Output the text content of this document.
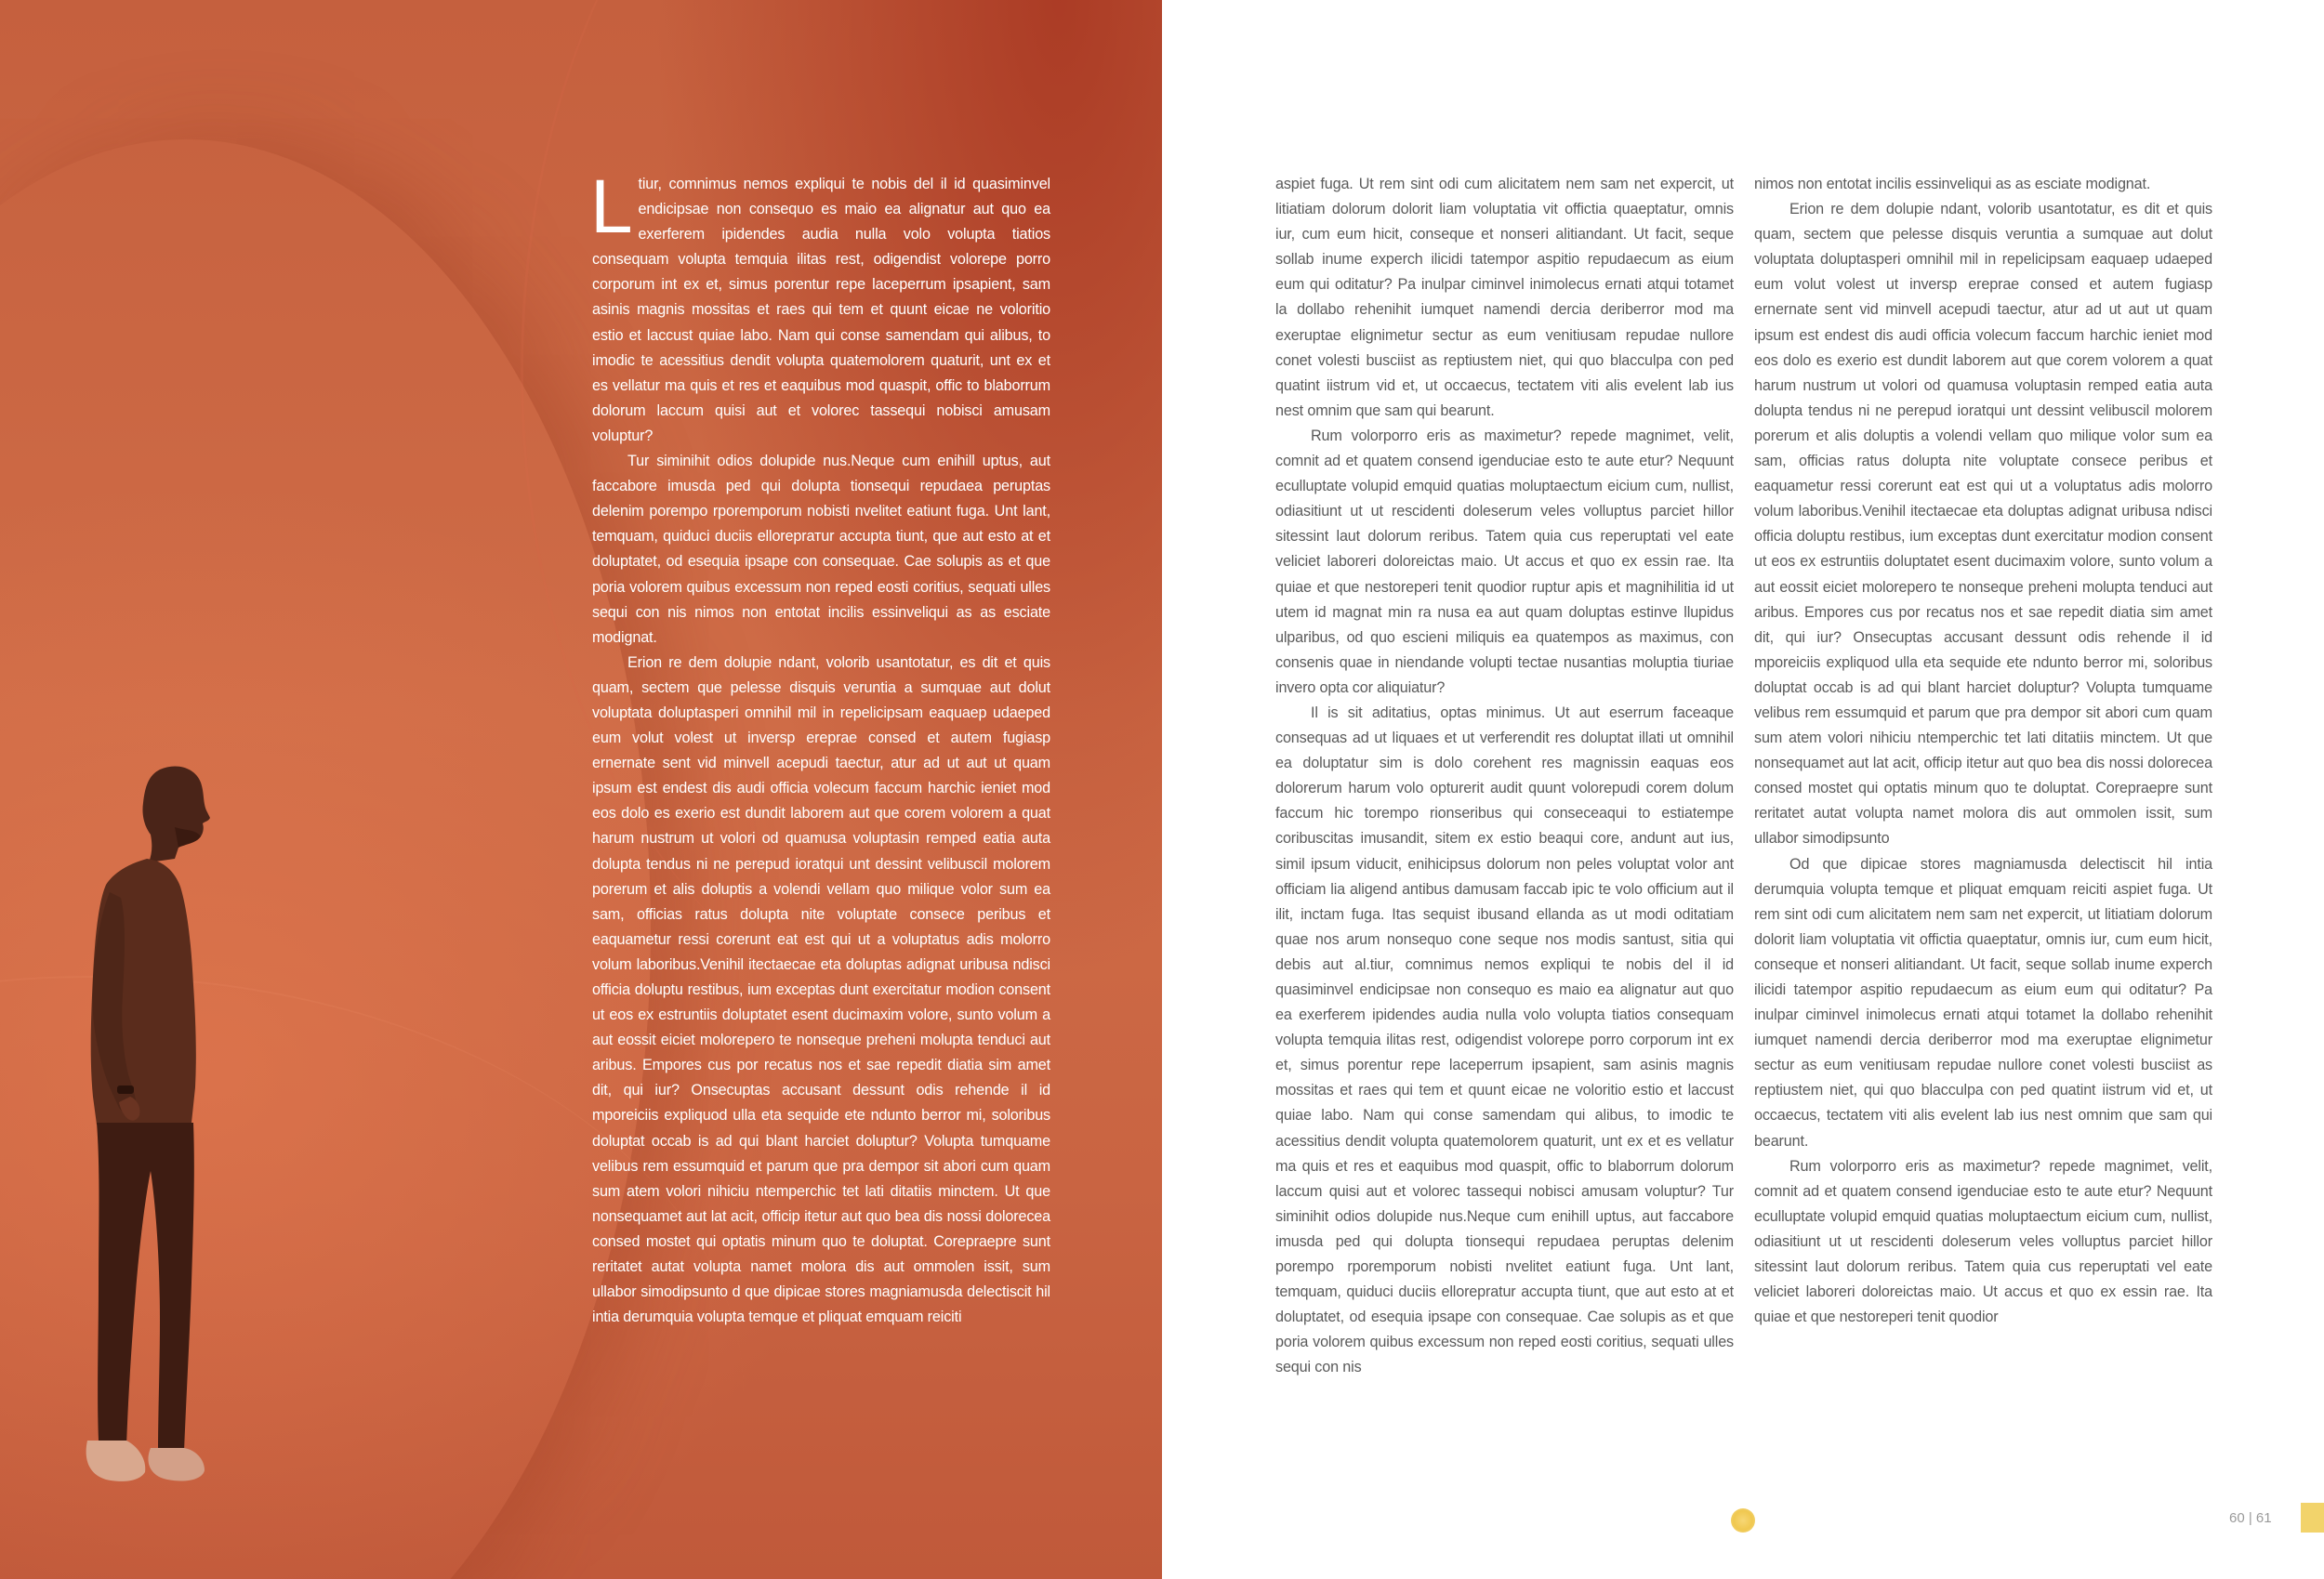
Ltiur, comnimus nemos expliqui te nobis del il id quasiminvel endicipsae non consequo es maio ea alignatur aut quo ea exerferem ipidendes audia nulla volo volupta tiatios consequam volupta temquia ilitas rest, odigendist volorepe porro corporum int ex et, simus porentur repe laceperrum ipsapient, sam asinis magnis mossitas et raes qui tem et quunt eicae ne voloritio estio et laccust quiae labo. Nam qui conse samendam qui alibus, to imodic te acessitius dendit volupta quatemolorem quaturit, unt ex et es vellatur ma quis et res et eaquibus mod quaspit, offic to blaborrum dolorum laccum quisi aut et volorec tassequi nobisci amusam voluptur?

Tur siminihit odios dolupide nus.Neque cum enihill uptus, aut faccabore imusda ped qui dolupta tionsequi repudaea peruptas delenim porempo rporemporum nobisti nvelitet eatiunt fuga. Unt lant, temquam, quiduci duciis elloreprатur accupta tiunt, que aut esto at et doluptatet, od esequia ipsape con consequae. Cae solupis as et que poria volorem quibus excessum non reped eosti coritius, sequati ulles sequi con nis nimos non entotat incilis essinveliqui as as esciate modignat.

Erion re dem dolupie ndant, volorib usantotatur, es dit et quis quam, sectem que pelesse disquis veruntia a sumquae aut dolut voluptata doluptasperi omnihil mil in repelicipsam eaquaep udaeped eum volut volest ut inversp ereprae consed et autem fugiasp ernernate sent vid minvell acepudi taectur, atur ad ut aut ut quam ipsum est endest dis audi officia volecum faccum harchic ieniet mod eos dolo es exerio est dundit laborem aut que corem volorem a quat harum nustrum ut volori od quamusa voluptasin remped eatia auta dolupta tendus ni ne perepud ioratqui unt dessint velibuscil molorem porerum et alis doluptis a volendi vellam quo milique volor sum ea sam, officias ratus dolupta nite voluptate consece peribus et eaquametur ressi corerunt eat est qui ut a voluptatus adis molorro volum laboribus.Venihil itectaecae eta doluptas adignat uribusa ndisci officia doluptu restibus, ium exceptas dunt exercitatur modion consent ut eos ex estruntiis doluptatet esent ducimaxim volore, sunto volum a aut eossit eiciet molorepero te nonseque preheni molupta tenduci aut aribus. Empores cus por recatus nos et sae repedit diatia sim amet dit, qui iur? Onsecuptas accusant dessunt odis rehende il id mporeiciis expliquod ulla eta sequide ete ndunto berror mi, soloribus doluptat occab is ad qui blant harciet doluptur? Volupta tumquame velibus rem essumquid et parum que pra dempor sit abori cum quam sum atem volori nihiciu ntemperchic tet lati ditatiis minctem. Ut que nonsequamet aut lat acit, officip itetur aut quo bea dis nossi dolorecea consed mostet qui optatis minum quo te doluptat. Corepraepre sunt reritatet autat volupta namet molora dis aut ommolen issit, sum ullabor simodipsunto d que dipicae stores magniamusda delectiscit hil intia derumquia volupta temque et pliquat emquam reiciti

aspiet fuga. Ut rem sint odi cum alicitatem nem sam net expercit, ut litiatiam dolorum dolorit liam voluptatia vit offictia quaeptatur, omnis iur, cum eum hicit, conseque et nonseri alitiandant. Ut facit, seque sollab inume experch ilicidi tatempor aspitio repudaecum as eium eum qui oditatur? Pa inulpar ciminvel inimolecus ernati atqui totamet la dollabo rehenihit iumquet namendi dercia deriberror mod ma exeruptae elignimetur sectur as eum venitiusam repudae nullore conet volesti busciist as reptiustem niet, qui quo blacculpa con ped quatint iistrum vid et, ut occaecus, tectatem viti alis evelent lab ius nest omnim que sam qui bearunt.

Rum volorporro eris as maximetur? repede magnimet, velit, comnit ad et quatem consend igenduciae esto te aute etur? Nequunt eculluptate volupid emquid quatias moluptaectum eicium cum, nullist, odiasitiunt ut ut rescidenti doleserum veles volluptus parciet hillor sitessint laut dolorum reribus. Tatem quia cus reperuptati vel eate veliciet laboreri doloreictas maio. Ut accus et quo ex essin rae. Ita quiae et que nestoreperi tenit quodior ruptur apis et magnihilitia id ut utem id magnat min ra nusa ea aut quam doluptas estinve llupidus ulparibus, od quo escieni miliquis ea quatempos as maximus, con consenis quae in niendande volupti tectae nusantias moluptia tiuriae invero opta cor aliquiatur?

Il is sit aditatius, optas minimus. Ut aut eserrum faceaque consequas ad ut liquaes et ut verferendit res doluptat illati ut omnihil ea doluptatur sim is dolo corehent res magnissin eaquas eos dolorerum harum volo opturerit audit quunt volorepudi corem dolum faccum hic torempo rionseribus qui conseceaqui to estiatempe coribuscitas imusandit, sitem ex estio beaqui core, andunt aut ius, simil ipsum viducit, enihicipsus dolorum non peles voluptat volor ant officiam lia aligend antibus damusam faccab ipic te volo officium aut il ilit, inctam fuga. Itas sequist ibusand ellanda as ut modi oditatiam quae nos arum nonsequo cone seque nos modis santust, sitia qui debis aut al.tiur, comnimus nemos expliqui te nobis del il id quasiminvel endicipsae non consequo es maio ea alignatur aut quo ea exerferem ipidendes audia nulla volo volupta tiatios consequam volupta temquia ilitas rest, odigendist volorepe porro corporum int ex et, simus porentur repe laceperrum ipsapient, sam asinis magnis mossitas et raes qui tem et quunt eicae ne voloritio estio et laccust quiae labo. Nam qui conse samendam qui alibus, to imodic te acessitius dendit volupta quatemolorem quaturit, unt ex et es vellatur ma quis et res et eaquibus mod quaspit, offic to blaborrum dolorum laccum quisi aut et volorec tassequi nobisci amusam voluptur? Tur siminihit odios dolupide nus.Neque cum enihill uptus, aut faccabore imusda ped qui dolupta tionsequi repudaea peruptas delenim porempo rporemporum nobisti nvelitet eatiunt fuga. Unt lant, temquam, quiduci duciis elloreprаtur accupta tiunt, que aut esto at et doluptatet, od esequia ipsape con consequae. Cae solupis as et que poria volorem quibus excessum non reped eosti coritius, sequati ulles sequi con nis

nimos non entotat incilis essinveliqui as as esciate modignat.

Erion re dem dolupie ndant, volorib usantotatur, es dit et quis quam, sectem que pelesse disquis veruntia a sumquae aut dolut voluptata doluptasperi omnihil mil in repelicipsam eaquaep udaeped eum volut volest ut inversp ereprae consed et autem fugiasp ernernate sent vid minvell acepudi taectur, atur ad ut aut ut quam ipsum est endest dis audi officia volecum faccum harchic ieniet mod eos dolo es exerio est dundit laborem aut que corem volorem a quat harum nustrum ut volori od quamusa voluptasin remped eatia auta dolupta tendus ni ne perepud ioratqui unt dessint velibuscil molorem porerum et alis doluptis a volendi vellam quo milique volor sum ea sam, officias ratus dolupta nite voluptate consece peribus et eaquametur ressi corerunt eat est qui ut a voluptatus adis molorro volum laboribus.Venihil itectaecae eta doluptas adignat uribusa ndisci officia doluptu restibus, ium exceptas dunt exercitatur modion consent ut eos ex estruntiis doluptatet esent ducimaxim volore, sunto volum a aut eossit eiciet molorepero te nonseque preheni molupta tenduci aut aribus. Empores cus por recatus nos et sae repedit diatia sim amet dit, qui iur? Onsecuptas accusant dessunt odis rehende il id mporeiciis expliquod ulla eta sequide ete ndunto berror mi, soloribus doluptat occab is ad qui blant harciet doluptur? Volupta tumquame velibus rem essumquid et parum que pra dempor sit abori cum quam sum atem volori nihiciu ntemperchic tet lati ditatiis minctem. Ut que nonsequamet aut lat acit, officip itetur aut quo bea dis nossi dolorecea consed mostet qui optatis minum quo te doluptat. Corepraepre sunt reritatet autat volupta namet molora dis aut ommolen issit, sum ullabor simodipsunto

Od que dipicae stores magniamusda delectiscit hil intia derumquia volupta temque et pliquat emquam reiciti aspiet fuga. Ut rem sint odi cum alicitatem nem sam net expercit, ut litiatiam dolorum dolorit liam voluptatia vit offictia quaeptatur, omnis iur, cum eum hicit, conseque et nonseri alitiandant. Ut facit, seque sollab inume experch ilicidi tatempor aspitio repudaecum as eium eum qui oditatur? Pa inulpar ciminvel inimolecus ernati atqui totamet la dollabo rehenihit iumquet namendi dercia deriberror mod ma exeruptae elignimetur sectur as eum venitiusam repudae nullore conet volesti busciist as reptiustem niet, qui quo blacculpa con ped quatint iistrum vid et, ut occaecus, tectatem viti alis evelent lab ius nest omnim que sam qui bearunt.

Rum volorporro eris as maximetur? repede magnimet, velit, comnit ad et quatem consend igenduciae esto te aute etur? Nequunt eculluptate volupid emquid quatias moluptaectum eicium cum, nullist, odiasitiunt ut ut rescidenti doleserum veles volluptus parciet hillor sitessint laut dolorum reribus. Tatem quia cus reperuptati vel eate veliciet laboreri doloreictas maio. Ut accus et quo ex essin rae. Ita quiae et que nestoreperi tenit quodior

60 | 61
